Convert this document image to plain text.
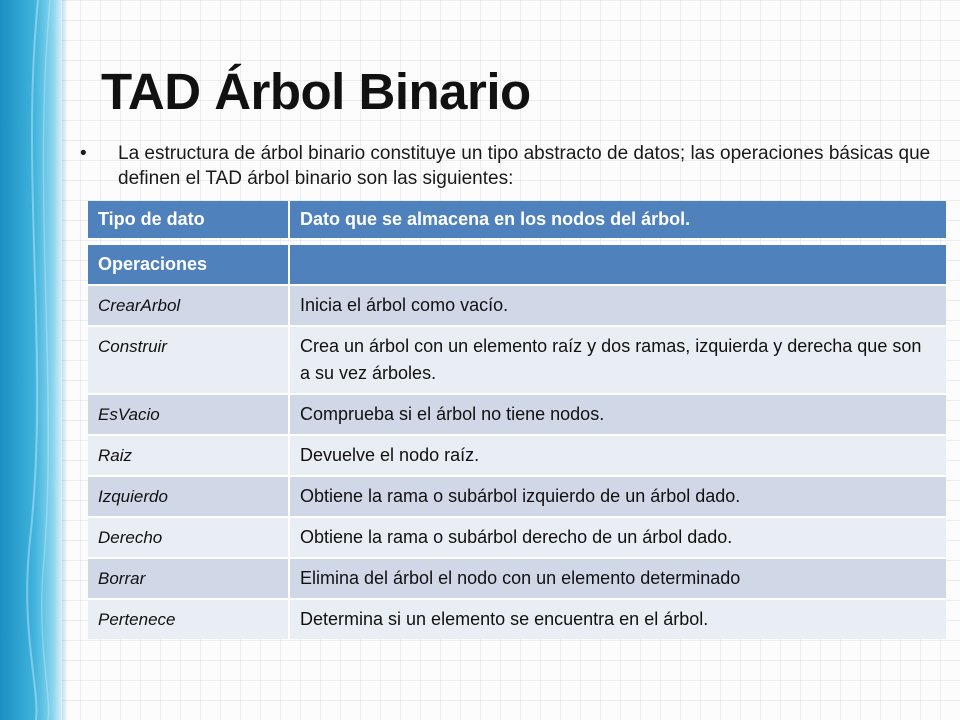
TAD Árbol Binario
• La estructura de árbol binario constituye un tipo abstracto de datos; las operaciones básicas que definen el TAD árbol binario son las siguientes:
Tipo de dato	Dato que se almacena en los nodos del árbol.
Operaciones	
CrearArbol	Inicia el árbol como vacío.
Construir	Crea un árbol con un elemento raíz y dos ramas, izquierda y derecha que son a su vez árboles.
EsVacio	Comprueba si el árbol no tiene nodos.
Raiz	Devuelve el nodo raíz.
Izquierdo	Obtiene la rama o subárbol izquierdo de un árbol dado.
Derecho	Obtiene la rama o subárbol derecho de un árbol dado.
Borrar	Elimina del árbol el nodo con un elemento determinado
Pertenece	Determina si un elemento se encuentra en el árbol.
